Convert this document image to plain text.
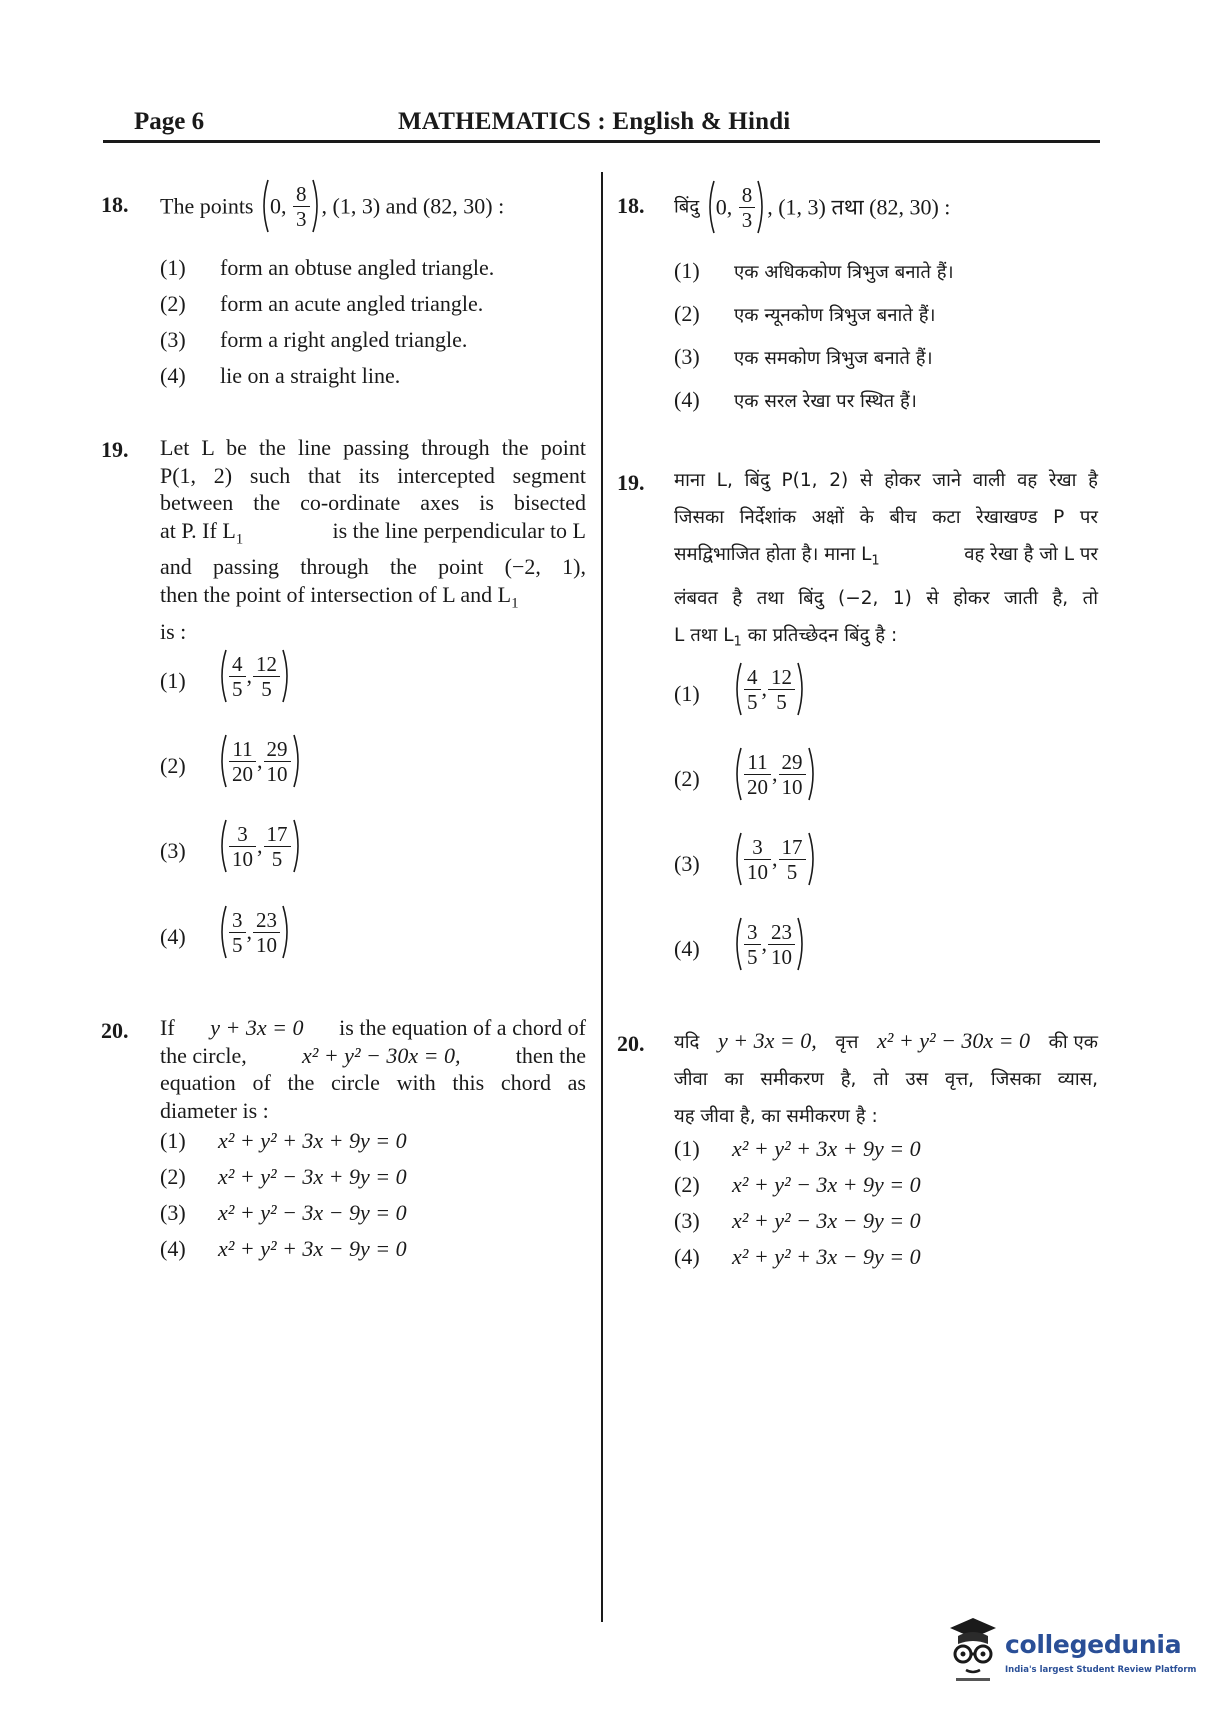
Page 6	MATHEMATICS : English & Hindi
18. The points 0, $\frac{8}{3}$ , (1, 3) and (82, 30) :
(1) form an obtuse angled triangle.
(2) form an acute angled triangle.
(3) form a right angled triangle.
(4) lie on a straight line.
19. Let L be the line passing through the point
P(1, 2) such that its intercepted segment
between the co-ordinate axes is bisected
at P. If $L_1$	is the line perpendicular to L
and passing through the point (−2, 1),
then the point of intersection of L and $L_1$
is :
$(1) \frac{4}{5}$ , $\frac{12}{5}$
$(2) \frac{11}{20}$ , $\frac{29}{10}$
$(3) \frac{3}{10}$ , $\frac{17}{5}$
$(4) \frac{3}{5}$ , $\frac{23}{10}$
20. If y + 3x = 0 is the equation of a chord of
the circle,	x² + y² − 30x = 0,	then the
equation of the circle with this chord as
diameter is :
(1) x² + y² + 3x + 9y = 0
(2) x² + y² − 3x + 9y = 0
(3) x² + y² − 3x − 9y = 0
(4) x² + y² + 3x − 9y = 0
18. बिंदु 0, $\frac{8}{3}$ , (1, 3) तथा (82, 30) :
(1) एक अधिककोण त्रिभुज बनाते हैं।
(2) एक न्यूनकोण त्रिभुज बनाते हैं।
(3) एक समकोण त्रिभुज बनाते हैं।
(4) एक सरल रेखा पर स्थित हैं।
19. माना L, बिंदु P(1, 2) से होकर जाने वाली वह रेखा है
जिसका निर्देशांक अक्षों के बीच कटा रेखाखण्ड P पर
समद्विभाजित होता है। माना $L_1$	वह रेखा है जो L पर
लंबवत है तथा बिंदु (−2, 1) से होकर जाती है, तो
L तथा $L_1$ का प्रतिच्छेदन बिंदु है :
$(1) \frac{4}{5}$ , $\frac{12}{5}$
$(2) \frac{11}{20}$ , $\frac{29}{10}$
$(3) \frac{3}{10}$ , $\frac{17}{5}$
$(4) \frac{3}{5}$ , $\frac{23}{10}$
20. यदि y + 3x = 0, वृत्त x² + y² − 30x = 0 की एक
जीवा का समीकरण है, तो उस वृत्त, जिसका व्यास,
यह जीवा है, का समीकरण है :
(1) x² + y² + 3x + 9y = 0
(2) x² + y² − 3x + 9y = 0
(3) x² + y² − 3x − 9y = 0
(4) x² + y² + 3x − 9y = 0
collegedunia
India's largest Student Review Platform
